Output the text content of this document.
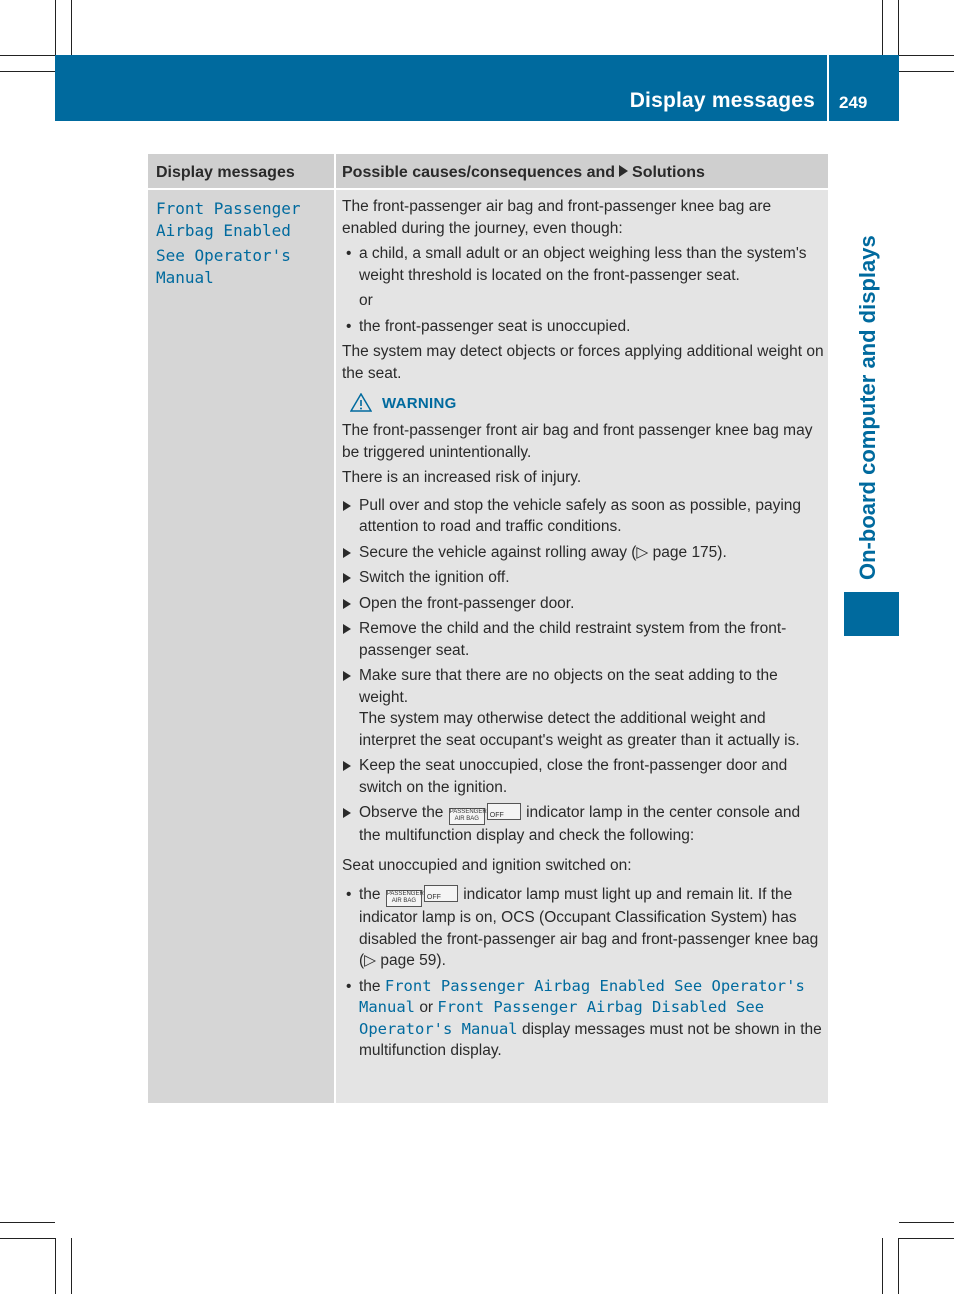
Display messages 249
On-board computer and displays
Display messages	Possible causes/consequences and Solutions
Front Passenger
Airbag Enabled
See Operator's
Manual

The front-passenger air bag and front-passenger knee bag are enabled during the journey, even though:

• a child, a small adult or an object weighing less than the system's weight threshold is located on the front-passenger seat.
or
• the front-passenger seat is unoccupied.

The system may detect objects or forces applying additional weight on the seat.

WARNING

The front-passenger front air bag and front passenger knee bag may be triggered unintentionally.

There is an increased risk of injury.

Pull over and stop the vehicle safely as soon as possible, paying attention to road and traffic conditions.
Secure the vehicle against rolling away (▷ page 175).
Switch the ignition off.
Open the front-passenger door.
Remove the child and the child restraint system from the front-passenger seat.
Make sure that there are no objects on the seat adding to the weight.
The system may otherwise detect the additional weight and interpret the seat occupant's weight as greater than it actually is.
Keep the seat unoccupied, close the front-passenger door and switch on the ignition.
Observe the PASSENGER
AIR BAG OFF indicator lamp in the center console and the multifunction display and check the following:

Seat unoccupied and ignition switched on:

• the PASSENGER
AIR BAG OFF indicator lamp must light up and remain lit. If the indicator lamp is on, OCS (Occupant Classification System) has disabled the front-passenger air bag and front-passenger knee bag (▷ page 59).
• the Front Passenger Airbag Enabled See Operator's Manual or Front Passenger Airbag Disabled See Operator's Manual display messages must not be shown in the multifunction display.
